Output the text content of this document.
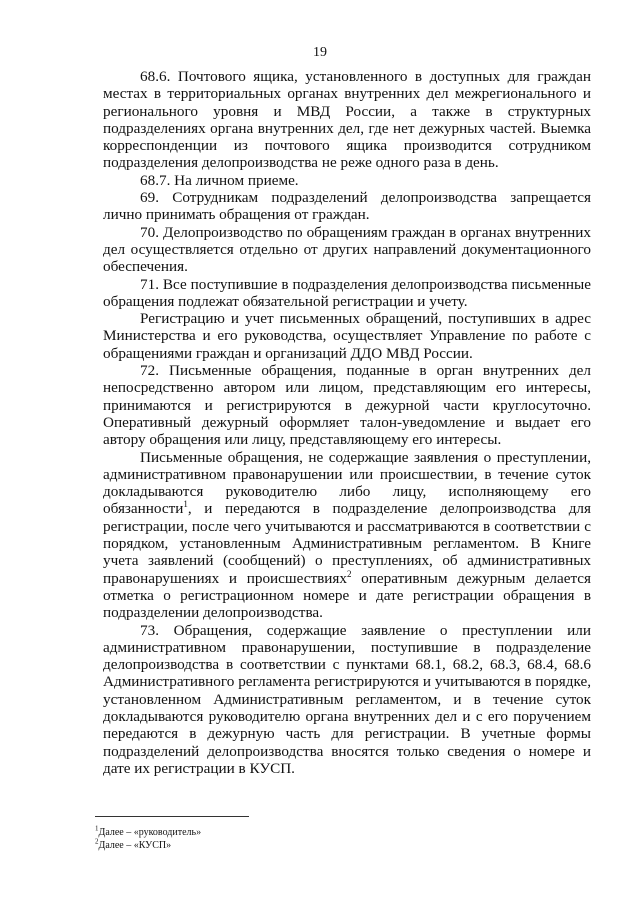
19

68.6. Почтового ящика, установленного в доступных для граждан местах в территориальных органах внутренних дел межрегионального и регионального уровня и МВД России, а также в структурных подразделениях органа внутренних дел, где нет дежурных частей. Выемка корреспонденции из почтового ящика производится сотрудником подразделения делопроизводства не реже одного раза в день.

68.7. На личном приеме.

69. Сотрудникам подразделений делопроизводства запрещается лично принимать обращения от граждан.

70. Делопроизводство по обращениям граждан в органах внутренних дел осуществляется отдельно от других направлений документационного обеспечения.

71. Все поступившие в подразделения делопроизводства письменные обращения подлежат обязательной регистрации и учету.

Регистрацию и учет письменных обращений, поступивших в адрес Министерства и его руководства, осуществляет Управление по работе с обращениями граждан и организаций ДДО МВД России.

72. Письменные обращения, поданные в орган внутренних дел непосредственно автором или лицом, представляющим его интересы, принимаются и регистрируются в дежурной части круглосуточно. Оперативный дежурный оформляет талон-уведомление и выдает его автору обращения или лицу, представляющему его интересы.

Письменные обращения, не содержащие заявления о преступлении, административном правонарушении или происшествии, в течение суток докладываются руководителю либо лицу, исполняющему его обязанности$^1$, и передаются в подразделение делопроизводства для регистрации, после чего учитываются и рассматриваются в соответствии с порядком, установленным Административным регламентом. В Книге учета заявлений (сообщений) о преступлениях, об административных правонарушениях и происшествиях$^2$ оперативным дежурным делается отметка о регистрационном номере и дате регистрации обращения в подразделении делопроизводства.

73. Обращения, содержащие заявление о преступлении или административном правонарушении, поступившие в подразделение делопроизводства в соответствии с пунктами 68.1, 68.2, 68.3, 68.4, 68.6 Административного регламента регистрируются и учитываются в порядке, установленном Административным регламентом, и в течение суток докладываются руководителю органа внутренних дел и с его поручением передаются в дежурную часть для регистрации. В учетные формы подразделений делопроизводства вносятся только сведения о номере и дате их регистрации в КУСП.

$^1$Далее – «руководитель»

$^2$Далее – «КУСП»
